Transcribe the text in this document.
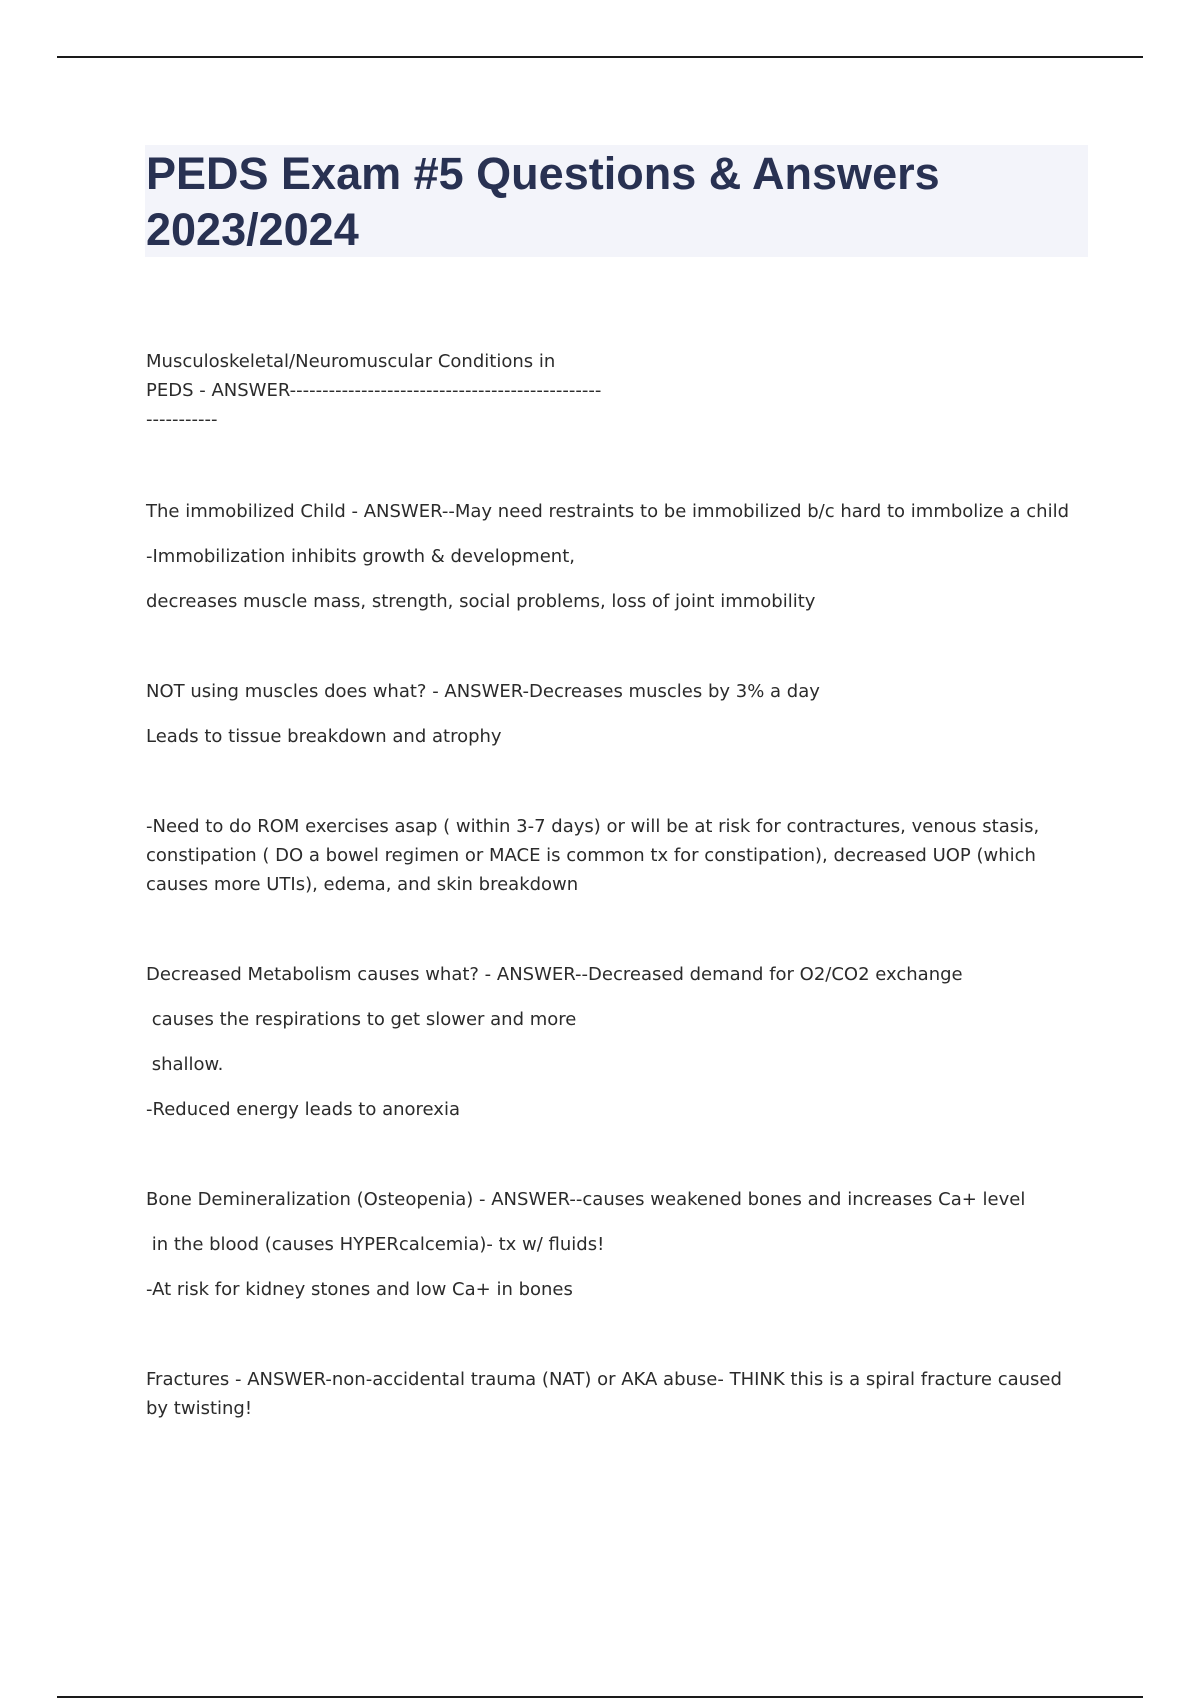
PEDS Exam #5 Questions & Answers 2023/2024

Musculoskeletal/Neuromuscular Conditions in PEDS - ANSWER-----------------------------------------------------------

The immobilized Child - ANSWER--May need restraints to be immobilized b/c hard to immbolize a child

-Immobilization inhibits growth & development,

decreases muscle mass, strength, social problems, loss of joint immobility

NOT using muscles does what? - ANSWER-Decreases muscles by 3% a day

Leads to tissue breakdown and atrophy

-Need to do ROM exercises asap ( within 3-7 days) or will be at risk for contractures, venous stasis, constipation ( DO a bowel regimen or MACE is common tx for constipation), decreased UOP (which causes more UTIs), edema, and skin breakdown

Decreased Metabolism causes what? - ANSWER--Decreased demand for O2/CO2 exchange

causes the respirations to get slower and more

shallow.

-Reduced energy leads to anorexia

Bone Demineralization (Osteopenia) - ANSWER--causes weakened bones and increases Ca+ level

in the blood (causes HYPERcalcemia)- tx w/ fluids!

-At risk for kidney stones and low Ca+ in bones

Fractures - ANSWER-non-accidental trauma (NAT) or AKA abuse- THINK this is a spiral fracture caused by twisting!
